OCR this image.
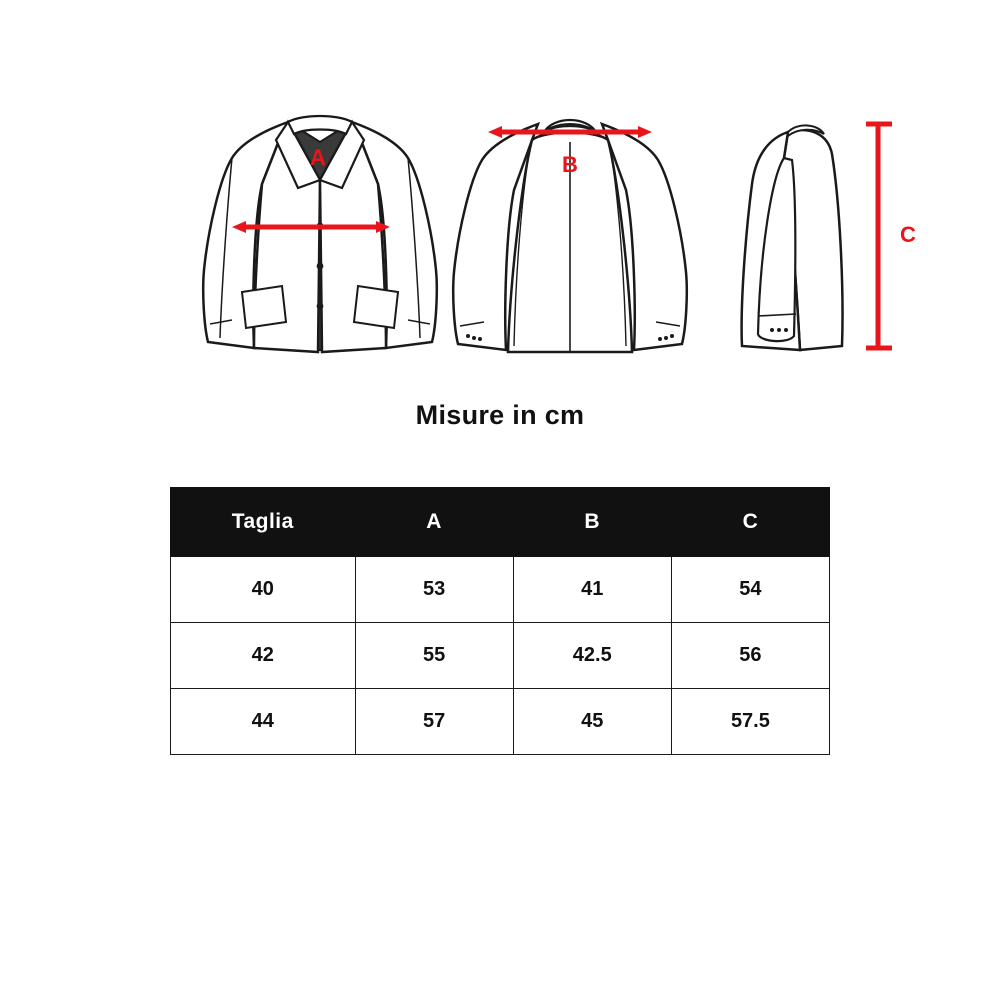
A	B
C
Misure in cm
Taglia	A	B	C
40	53	41	54
42	55	42.5	56
44	57	45	57.5
